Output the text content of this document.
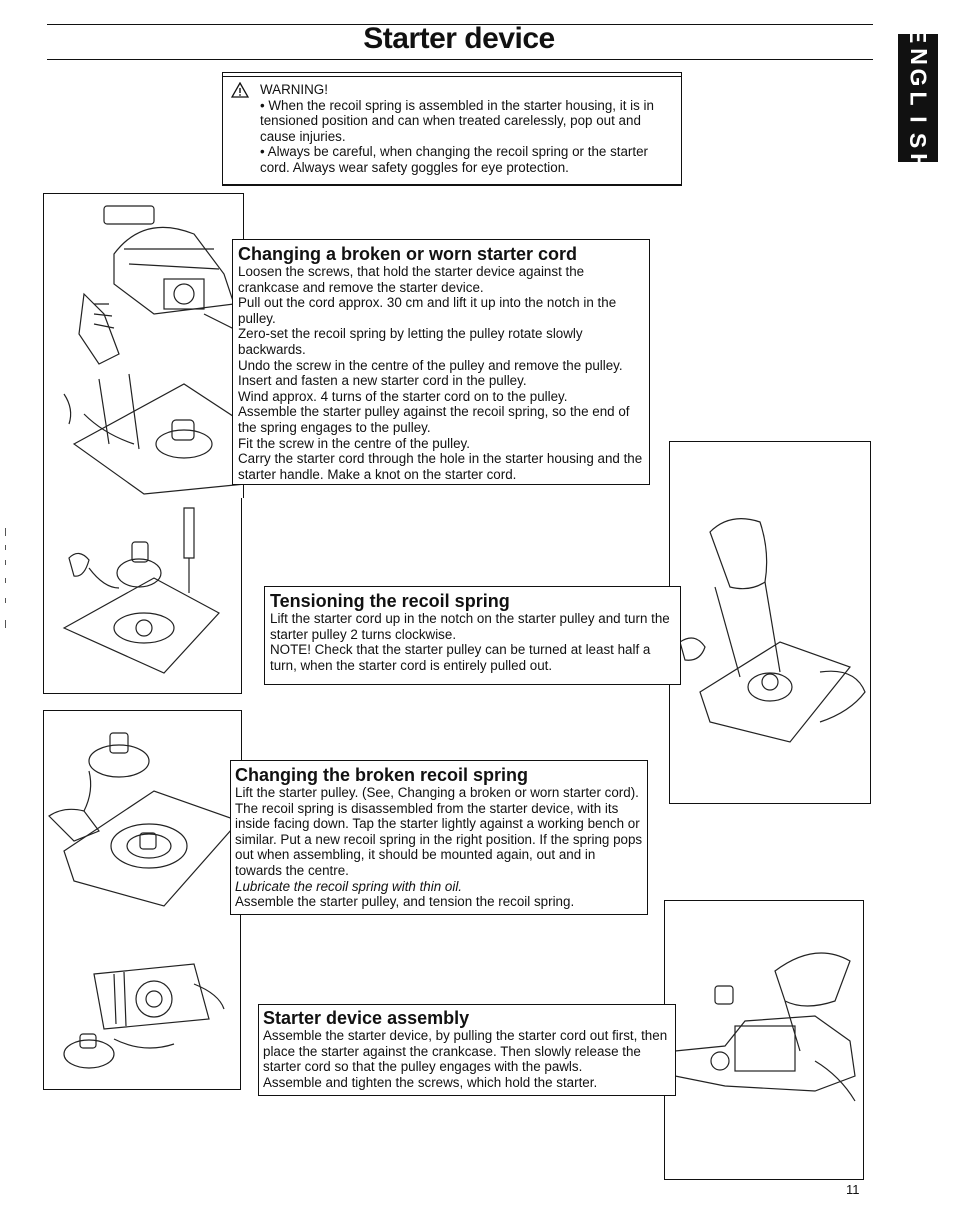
Starter device	E
N
G
L
I
S
H

WARNING!

• When the recoil spring is assembled in the starter housing, it is in tensioned position and can when treated carelessly, pop out and cause injuries.

• Always be careful, when changing the recoil spring or the starter cord. Always wear safety goggles for eye protection.

Changing a broken or worn starter cord

Loosen the screws, that hold the starter device against the crankcase and remove the starter device.

Pull out the cord approx. 30 cm and lift it up into the notch in the pulley.

Zero-set the recoil spring by letting the pulley rotate slowly backwards.

Undo the screw in the centre of the pulley and remove the pulley.

Insert and fasten a new starter cord in the pulley.

Wind approx. 4 turns of the starter cord on to the pulley.

Assemble the starter pulley against the recoil spring, so the end of the spring engages to the pulley.

Fit the screw in the centre of the pulley.

Carry the starter cord through the hole in the starter housing and the starter handle. Make a knot on the starter cord.

Tensioning the recoil spring

Lift the starter cord up in the notch on the starter pulley and turn the starter pulley 2 turns clockwise.

NOTE! Check that the starter pulley can be turned at least half a turn, when the starter cord is entirely pulled out.

Changing the broken recoil spring

Lift the starter pulley. (See, Changing a broken or worn starter cord). The recoil spring is disassembled from the starter device, with its inside facing down. Tap the starter lightly against a working bench or similar. Put a new recoil spring in the right position. If the spring pops out when assembling, it should be mounted again, out and in towards the centre.

Lubricate the recoil spring with thin oil.

Assemble the starter pulley, and tension the recoil spring.

Starter device assembly

Assemble the starter device, by pulling the starter cord out first, then place the starter against the crankcase. Then slowly release the starter cord so that the pulley engages with the pawls.

Assemble and tighten the screws, which hold the starter.

11
